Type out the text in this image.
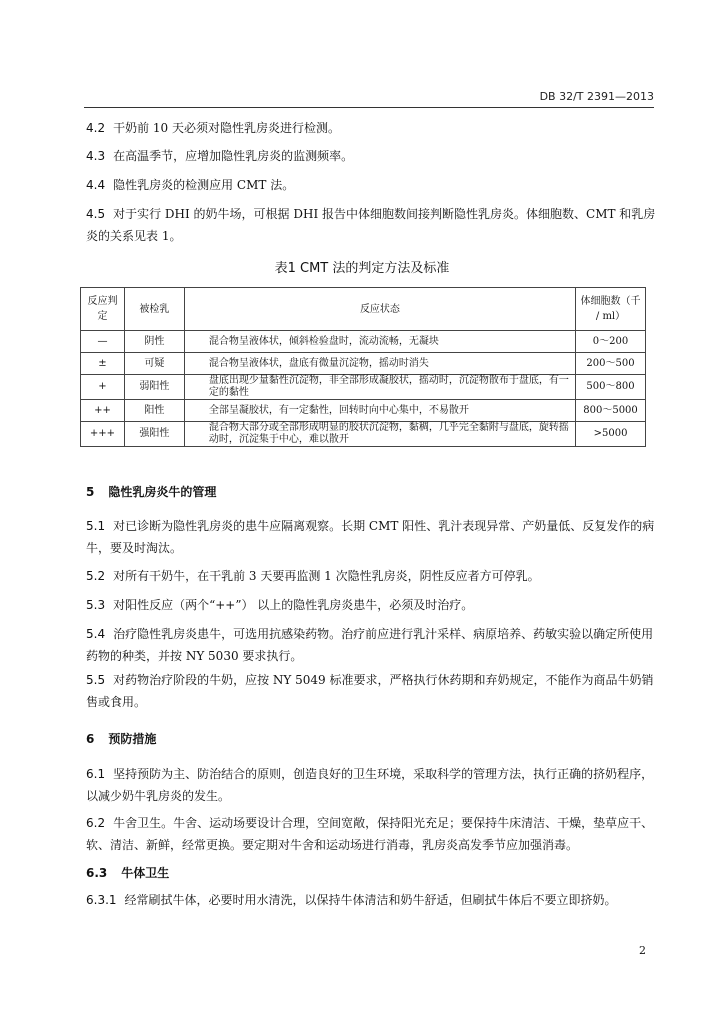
DB 32/T 2391—2013
4.2 干奶前 10 天必须对隐性乳房炎进行检测。
4.3 在高温季节，应增加隐性乳房炎的监测频率。
4.4 隐性乳房炎的检测应用 CMT 法。
4.5 对于实行 DHI 的奶牛场，可根据 DHI 报告中体细胞数间接判断隐性乳房炎。体细胞数、CMT 和乳房炎的关系见表 1。
表1 CMT 法的判定方法及标准
反应判定	被检乳	反应状态	体细胞数（千 / ml）
—	阴性	混合物呈液体状，倾斜检验盘时，流动流畅，无凝块	0～200
±	可疑	混合物呈液体状，盘底有微量沉淀物，摇动时消失	200～500
+	弱阳性	盘底出现少量黏性沉淀物，非全部形成凝胶状，摇动时，沉淀物散布于盘底，有一定的黏性	500～800
++	阳性	全部呈凝胶状，有一定黏性，回转时向中心集中，不易散开	800～5000
+++	强阳性	混合物大部分或全部形成明显的胶状沉淀物，黏稠，几乎完全黏附与盘底，旋转摇动时，沉淀集于中心，难以散开	>5000
5 隐性乳房炎牛的管理
5.1 对已诊断为隐性乳房炎的患牛应隔离观察。长期 CMT 阳性、乳汁表现异常、产奶量低、反复发作的病牛，要及时淘汰。
5.2 对所有干奶牛，在干乳前 3 天要再监测 1 次隐性乳房炎，阴性反应者方可停乳。
5.3 对阳性反应（两个“++”） 以上的隐性乳房炎患牛，必须及时治疗。
5.4 治疗隐性乳房炎患牛，可选用抗感染药物。治疗前应进行乳汁采样、病原培养、药敏实验以确定所使用药物的种类，并按 NY 5030 要求执行。
5.5 对药物治疗阶段的牛奶，应按 NY 5049 标准要求，严格执行休药期和弃奶规定，不能作为商品牛奶销售或食用。
6 预防措施
6.1 坚持预防为主、防治结合的原则，创造良好的卫生环境，采取科学的管理方法，执行正确的挤奶程序，以减少奶牛乳房炎的发生。
6.2 牛舍卫生。牛舍、运动场要设计合理，空间宽敞，保持阳光充足；要保持牛床清洁、干燥，垫草应干、软、清洁、新鲜，经常更换。要定期对牛舍和运动场进行消毒，乳房炎高发季节应加强消毒。
6.3 牛体卫生
6.3.1 经常刷拭牛体，必要时用水清洗，以保持牛体清洁和奶牛舒适，但刷拭牛体后不要立即挤奶。
2
